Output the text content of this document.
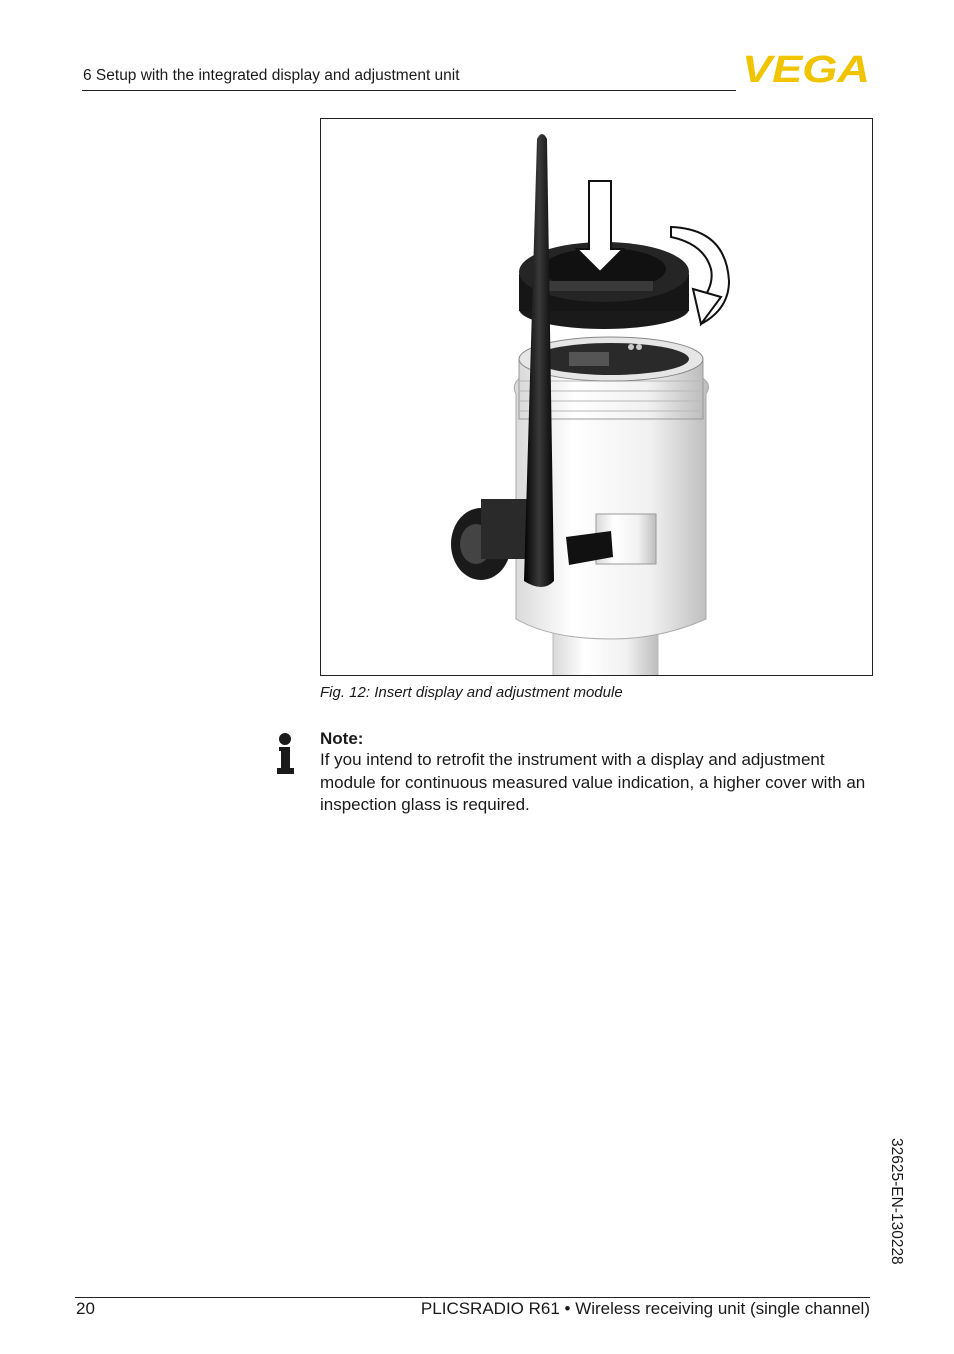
6 Setup with the integrated display and adjustment unit	VEGA
Fig. 12: Insert display and adjustment module
Note:
If you intend to retrofit the instrument with a display and adjustment module for continuous measured value indication, a higher cover with an inspection glass is required.
32625-EN-130228
20	PLICSRADIO R61 • Wireless receiving unit (single channel)
